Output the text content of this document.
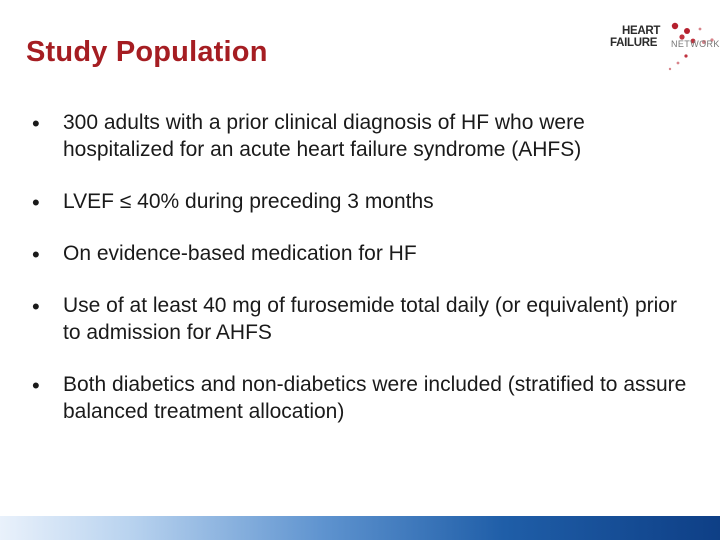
Study Population
HEART
FAILURE NETWORK
• 300 adults with a prior clinical diagnosis of HF who were hospitalized for an acute heart failure syndrome (AHFS)
• LVEF ≤ 40% during preceding 3 months
• On evidence-based medication for HF
• Use of at least 40 mg of furosemide total daily (or equivalent) prior to admission for AHFS
• Both diabetics and non-diabetics were included (stratified to assure balanced treatment allocation)
